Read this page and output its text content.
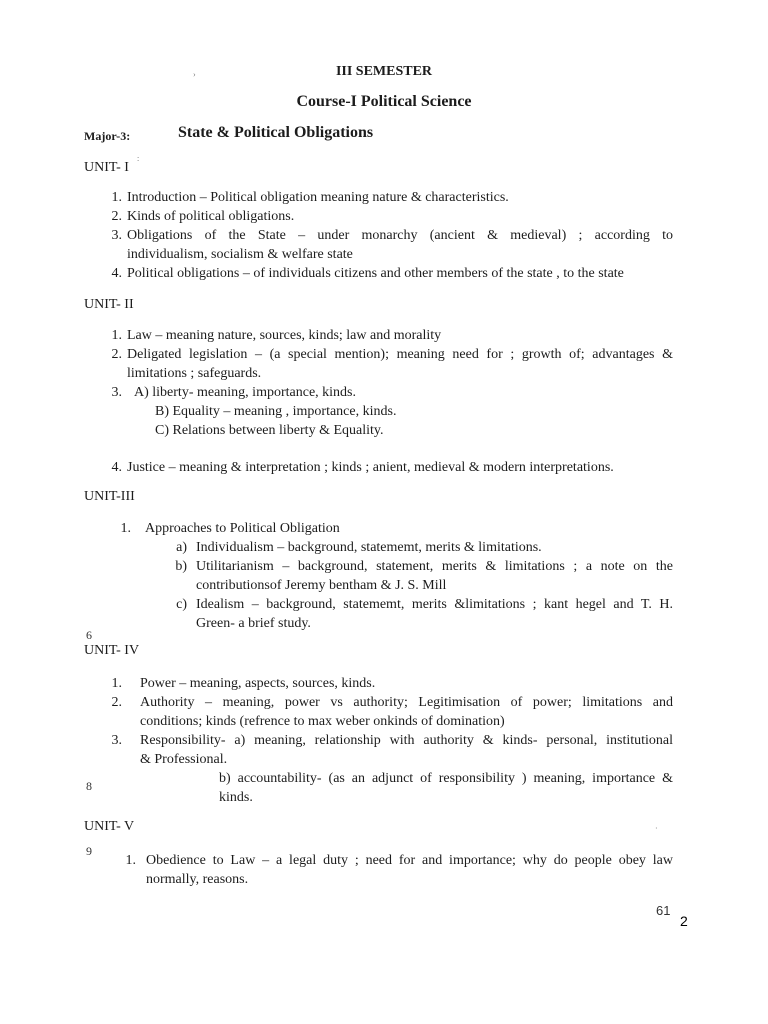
›
:
·
III SEMESTER
Course-I Political Science
Major-3:	State & Political Obligations
UNIT- I
1. Introduction – Political obligation meaning nature & characteristics.
2. Kinds of political obligations.
3. Obligations of the State – under monarchy (ancient & medieval) ; according to
individualism, socialism & welfare state
4. Political obligations – of individuals citizens and other members of the state , to the state
UNIT- II
1. Law – meaning nature, sources, kinds; law and morality
2. Deligated legislation – (a special mention); meaning need for ; growth of; advantages &
limitations ; safeguards.
3. A) liberty- meaning, importance, kinds.
B) Equality – meaning , importance, kinds.
C) Relations between liberty & Equality.
4. Justice – meaning & interpretation ; kinds ; anient, medieval & modern interpretations.
UNIT-III
1. Approaches to Political Obligation
a) Individualism – background, statememt, merits & limitations.
b) Utilitarianism – background, statement, merits & limitations ; a note on the
contributionsof Jeremy bentham & J. S. Mill
c) Idealism – background, statememt, merits &limitations ; kant hegel and T. H.
Green- a brief study.
6
UNIT- IV
1. Power – meaning, aspects, sources, kinds.
2. Authority – meaning, power vs authority; Legitimisation of power; limitations and
conditions; kinds (refrence to max weber onkinds of domination)
3. Responsibility- a) meaning, relationship with authority & kinds- personal, institutional
& Professional.
b) accountability- (as an adjunct of responsibility ) meaning, importance &
kinds.
8
UNIT- V
9
1. Obedience to Law – a legal duty ; need for and importance; why do people obey law
normally, reasons.
61
2
